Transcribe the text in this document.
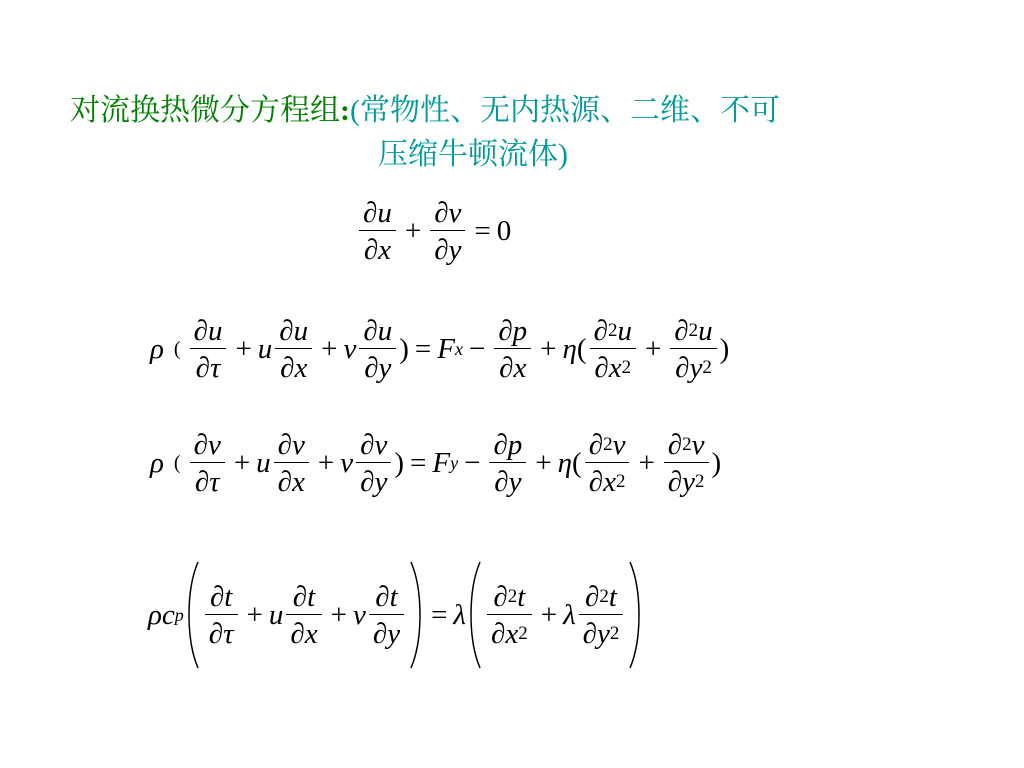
对流换热微分方程组:(常物性、无内热源、二维、不可
压缩牛顿流体)
$\frac{\partial u}{\partial x} + \frac{\partial v}{\partial y} = 0$
ρ ( $\frac{\partial u}{\partial \tau} + u \frac{\partial u}{\partial x} + v \frac{\partial u}{\partial y}$ ) = F $x - \frac{\partial p}{\partial x} + \eta$ ( $\frac{\partial 2 u}{\partial x 2} + \frac{\partial 2 u}{\partial y 2}$ )
ρ ( $\frac{\partial v}{\partial \tau} + u \frac{\partial v}{\partial x} + v \frac{\partial v}{\partial y}$ ) = F $y - \frac{\partial p}{\partial y} + \eta$ ( $\frac{\partial 2 v}{\partial x 2} + \frac{\partial 2 v}{\partial y 2}$ )
ρc p $\frac{\partial t}{\partial \tau} + u \frac{\partial t}{\partial x} + v \frac{\partial t}{\partial y} = \lambda \frac{\partial 2 t}{\partial x 2} + \lambda \frac{\partial 2 t}{\partial y 2}$
